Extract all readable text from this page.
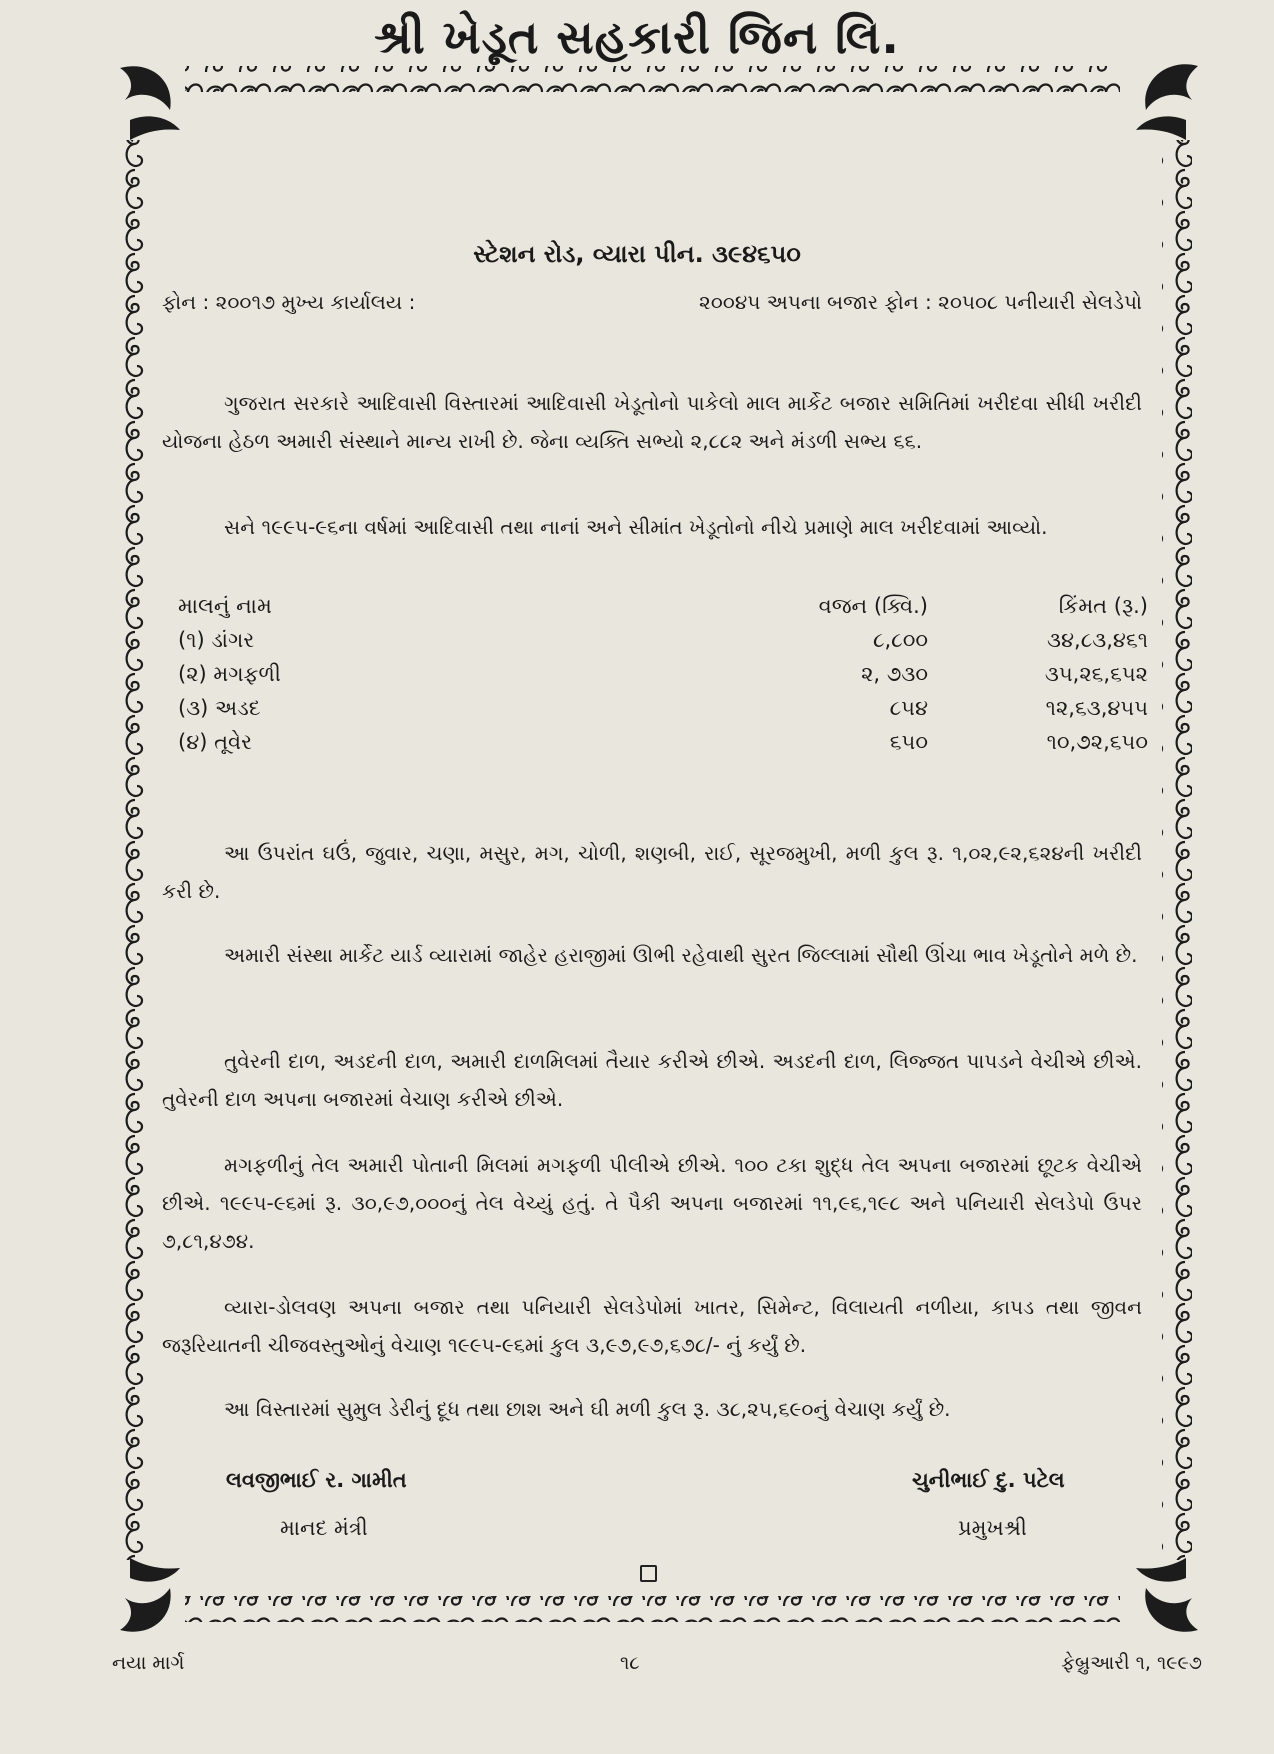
શ્રી ખેડૂત સહકારી જિન લિ.
સ્ટેશન રોડ, વ્યારા પીન. ૩૯૪૬૫૦
ફોન : ૨૦૦૧૭ મુખ્ય કાર્યાલય :	૨૦૦૪૫ અપના બજાર ફોન : ૨૦૫૦૮ પનીયારી સેલડેપો
ગુજરાત સરકારે આદિવાસી વિસ્તારમાં આદિવાસી ખેડૂતોનો પાકેલો માલ માર્કેટ બજાર સમિતિમાં ખરીદવા સીધી ખરીદી યોજના હેઠળ અમારી સંસ્થાને માન્ય રાખી છે. જેના વ્યક્તિ સભ્યો ૨,૮૮૨ અને મંડળી સભ્ય ૬૬.
સને ૧૯૯૫-૯૬ના વર્ષમાં આદિવાસી તથા નાનાં અને સીમાંત ખેડૂતોનો નીચે પ્રમાણે માલ ખરીદવામાં આવ્યો.
માલનું નામ	વજન (ક્વિ.)	કિંમત (રૂ.)
(૧) ડાંગર	૮,૮૦૦	૩૪,૮૩,૪૬૧
(૨) મગફળી	૨, ૭૩૦	૩૫,૨૬,૬૫૨
(૩) અડદ	૮૫૪	૧૨,૬૩,૪૫૫
(૪) તૂવેર	૬૫૦	૧૦,૭૨,૬૫૦
આ ઉપરાંત ઘઉં, જુવાર, ચણા, મસુર, મગ, ચોળી, શણબી, રાઈ, સૂરજમુખી, મળી કુલ રૂ. ૧,૦૨,૯૨,૬૨૪ની ખરીદી કરી છે.
અમારી સંસ્થા માર્કેટ યાર્ડ વ્યારામાં જાહેર હરાજીમાં ઊભી રહેવાથી સુરત જિલ્લામાં સૌથી ઊંચા ભાવ ખેડૂતોને મળે છે.
તુવેરની દાળ, અડદની દાળ, અમારી દાળમિલમાં તૈયાર કરીએ છીએ. અડદની દાળ, લિજ્જત પાપડને વેચીએ છીએ. તુવેરની દાળ અપના બજારમાં વેચાણ કરીએ છીએ.
મગફળીનું તેલ અમારી પોતાની મિલમાં મગફળી પીલીએ છીએ. ૧૦૦ ટકા શુદ્ધ તેલ અપના બજારમાં છૂટક વેચીએ છીએ. ૧૯૯૫-૯૬માં રૂ. ૩૦,૯૭,૦૦૦નું તેલ વેચ્યું હતું. તે પૈકી અપના બજારમાં ૧૧,૯૬,૧૯૮ અને પનિયારી સેલડેપો ઉપર ૭,૮૧,૪૭૪.
વ્યારા-ડોલવણ અપના બજાર તથા પનિયારી સેલડેપોમાં ખાતર, સિમેન્ટ, વિલાયતી નળીયા, કાપડ તથા જીવન જરૂરિયાતની ચીજવસ્તુઓનું વેચાણ ૧૯૯૫-૯૬માં કુલ ૩,૯૭,૯૭,૬૭૮/- નું કર્યું છે.
આ વિસ્તારમાં સુમુલ ડેરીનું દૂધ તથા છાશ અને ઘી મળી કુલ રૂ. ૩૮,૨૫,૬૯૦નું વેચાણ કર્યું છે.
લવજીભાઈ ર. ગામીત
માનદ મંત્રી
ચુનીભાઈ દુ. પટેલ
પ્રમુખશ્રી
નયા માર્ગ	૧૮	ફેબ્રુઆરી ૧, ૧૯૯૭
